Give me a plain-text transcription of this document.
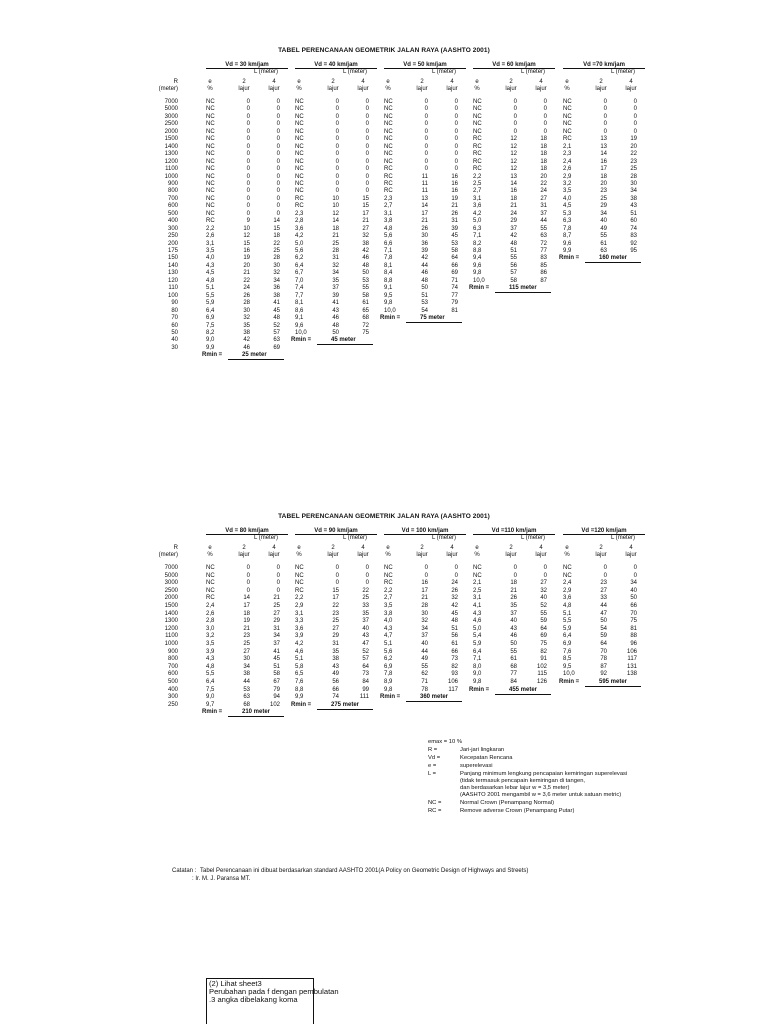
TABEL PERENCANAAN GEOMETRIK JALAN RAYA (AASHTO 2001)
R
(meter)
Vd = 30 km/jam
L (meter)
e	2	4
%	lajur	lajur
Vd = 40 km/jam
L (meter)
e	2	4
%	lajur	lajur
Vd = 50 km/jam
L (meter)
e	2	4
%	lajur	lajur
Vd = 60 km/jam
L (meter)
e	2	4
%	lajur	lajur
Vd =70 km/jam
L (meter)
e	2	4
%	lajur	lajur
7000	NC	0	0	NC	0	0	NC	0	0	NC	0	0	NC	0	0
5000	NC	0	0	NC	0	0	NC	0	0	NC	0	0	NC	0	0
3000	NC	0	0	NC	0	0	NC	0	0	NC	0	0	NC	0	0
2500	NC	0	0	NC	0	0	NC	0	0	NC	0	0	NC	0	0
2000	NC	0	0	NC	0	0	NC	0	0	NC	0	0	NC	0	0
1500	NC	0	0	NC	0	0	NC	0	0	RC	12	18	RC	13	19
1400	NC	0	0	NC	0	0	NC	0	0	RC	12	18	2,1	13	20
1300	NC	0	0	NC	0	0	NC	0	0	RC	12	18	2,3	14	22
1200	NC	0	0	NC	0	0	NC	0	0	RC	12	18	2,4	16	23
1100	NC	0	0	NC	0	0	RC	0	0	RC	12	18	2,6	17	25
1000	NC	0	0	NC	0	0	RC	11	16	2,2	13	20	2,9	18	28
900	NC	0	0	NC	0	0	RC	11	16	2,5	14	22	3,2	20	30
800	NC	0	0	NC	0	0	RC	11	16	2,7	16	24	3,5	23	34
700	NC	0	0	RC	10	15	2,3	13	19	3,1	18	27	4,0	25	38
600	NC	0	0	RC	10	15	2,7	14	21	3,6	21	31	4,5	29	43
500	NC	0	0	2,3	12	17	3,1	17	26	4,2	24	37	5,3	34	51
400	RC	9	14	2,8	14	21	3,8	21	31	5,0	29	44	6,3	40	60
300	2,2	10	15	3,6	18	27	4,8	26	39	6,3	37	55	7,8	49	74
250	2,6	12	18	4,2	21	32	5,6	30	45	7,1	42	63	8,7	55	83
200	3,1	15	22	5,0	25	38	6,6	36	53	8,2	48	72	9,6	61	92
175	3,5	16	25	5,6	28	42	7,1	39	58	8,8	51	77	9,9	63	95
150	4,0	19	28	6,2	31	46	7,8	42	64	9,4	55	83
140	4,3	20	30	6,4	32	48	8,1	44	66	9,6	56	85
130	4,5	21	32	6,7	34	50	8,4	46	69	9,8	57	86
120	4,8	22	34	7,0	35	53	8,8	48	71	10,0	58	87
110	5,1	24	36	7,4	37	55	9,1	50	74
100	5,5	26	38	7,7	39	58	9,5	51	77
90	5,9	28	41	8,1	41	61	9,8	53	79
80	6,4	30	45	8,6	43	65	10,0	54	81
70	6,9	32	48	9,1	46	68
60	7,5	35	52	9,6	48	72
50	8,2	38	57	10,0	50	75
40	9,0	42	63
30	9,9	46	69
Rmin =	25 meter
Rmin =	45 meter
Rmin =	75 meter
Rmin =	115 meter
Rmin =	160 meter
TABEL PERENCANAAN GEOMETRIK JALAN RAYA (AASHTO 2001)
R
(meter)
Vd = 80 km/jam
L (meter)
e	2	4
%	lajur	lajur
Vd = 90 km/jam
L (meter)
e	2	4
%	lajur	lajur
Vd = 100 km/jam
L (meter)
e	2	4
%	lajur	lajur
Vd =110 km/jam
L (meter)
e	2	4
%	lajur	lajur
Vd =120 km/jam
L (meter)
e	2	4
%	lajur	lajur
7000	NC	0	0	NC	0	0	NC	0	0	NC	0	0	NC	0	0
5000	NC	0	0	NC	0	0	NC	0	0	NC	0	0	NC	0	0
3000	NC	0	0	NC	0	0	RC	16	24	2,1	18	27	2,4	23	34
2500	NC	0	0	RC	15	22	2,2	17	26	2,5	21	32	2,9	27	40
2000	RC	14	21	2,2	17	25	2,7	21	32	3,1	26	40	3,6	33	50
1500	2,4	17	25	2,9	22	33	3,5	28	42	4,1	35	52	4,8	44	66
1400	2,6	18	27	3,1	23	35	3,8	30	45	4,3	37	55	5,1	47	70
1300	2,8	19	29	3,3	25	37	4,0	32	48	4,6	40	59	5,5	50	75
1200	3,0	21	31	3,6	27	40	4,3	34	51	5,0	43	64	5,9	54	81
1100	3,2	23	34	3,9	29	43	4,7	37	56	5,4	46	69	6,4	59	88
1000	3,5	25	37	4,2	31	47	5,1	40	61	5,9	50	75	6,9	64	96
900	3,9	27	41	4,6	35	52	5,6	44	66	6,4	55	82	7,6	70	106
800	4,3	30	45	5,1	38	57	6,2	49	73	7,1	61	91	8,5	78	117
700	4,8	34	51	5,8	43	64	6,9	55	82	8,0	68	102	9,5	87	131
600	5,5	38	58	6,5	49	73	7,8	62	93	9,0	77	115	10,0	92	138
500	6,4	44	67	7,6	56	84	8,9	71	106	9,8	84	126
400	7,5	53	79	8,8	66	99	9,8	78	117
300	9,0	63	94	9,9	74	111
250	9,7	68	102
Rmin =	210 meter
Rmin =	275 meter
Rmin =	360 meter
Rmin =	455 meter
Rmin =	595 meter
emax = 10 %
R =	Jari-jari lingkaran
Vd =	Kecepatan Rencana
e =	superelevasi
L =	Panjang minimum lengkung pencapaian kemiringan superelevasi
(tidak termasuk pencapain kemiringan di tangen,
dan berdasarkan lebar lajur w = 3,5 meter)
(AASHTO 2001 mengambil w = 3,6 meter untuk satuan metric)
NC =	Normal Crown (Penampang Normal)
RC =	Remove adverse Crown (Penampang Putar)
Catatan : Tabel Perencanaan ini dibuat berdasarkan standard AASHTO 2001(A Policy on Geometric Design of Highways and Streets)
: Ir. M. J. Paransa MT.
(2) Lihat sheet3
Perubahan pada f dengan pembulatan
.3 angka dibelakang koma
